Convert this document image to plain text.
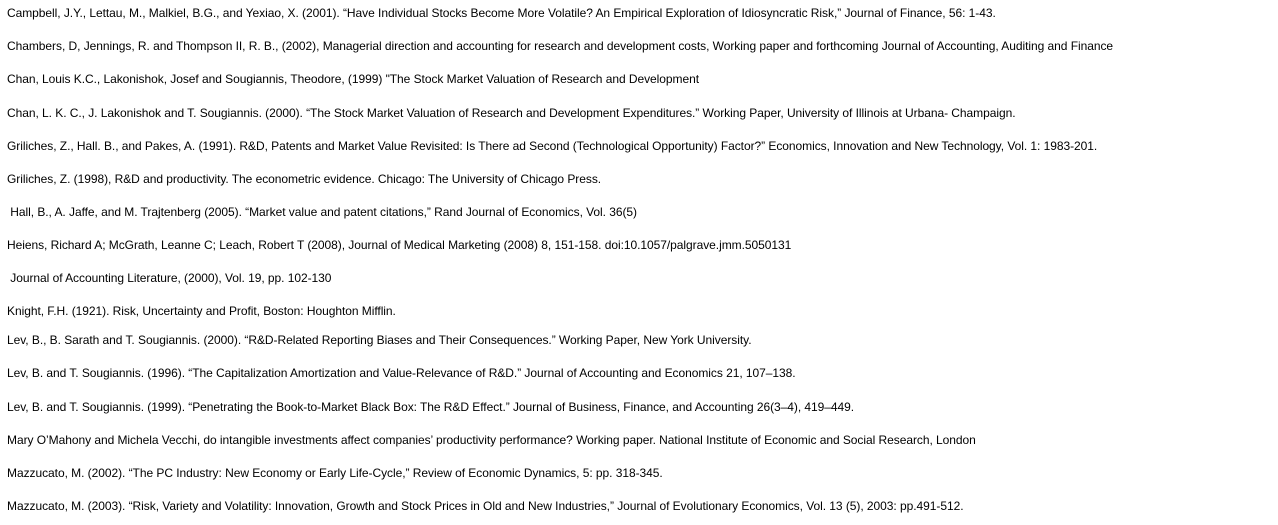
Campbell, J.Y., Lettau, M., Malkiel, B.G., and Yexiao, X. (2001). “Have Individual Stocks Become More Volatile? An Empirical Exploration of Idiosyncratic Risk,” Journal of Finance, 56: 1-43.

Chambers, D, Jennings, R. and Thompson II, R. B., (2002), Managerial direction and accounting for research and development costs, Working paper and forthcoming Journal of Accounting, Auditing and Finance

Chan, Louis K.C., Lakonishok, Josef and Sougiannis, Theodore, (1999) "The Stock Market Valuation of Research and Development

Chan, L. K. C., J. Lakonishok and T. Sougiannis. (2000). “The Stock Market Valuation of Research and Development Expenditures.” Working Paper, University of Illinois at Urbana- Champaign.

Griliches, Z., Hall. B., and Pakes, A. (1991). R&D, Patents and Market Value Revisited: Is There ad Second (Technological Opportunity) Factor?” Economics, Innovation and New Technology, Vol. 1: 1983-201.

Griliches, Z. (1998), R&D and productivity. The econometric evidence. Chicago: The University of Chicago Press.

Hall, B., A. Jaffe, and M. Trajtenberg (2005). “Market value and patent citations,” Rand Journal of Economics, Vol. 36(5)

Heiens, Richard A; McGrath, Leanne C; Leach, Robert T (2008), Journal of Medical Marketing (2008) 8, 151-158. doi:10.1057/palgrave.jmm.5050131

Journal of Accounting Literature, (2000), Vol. 19, pp. 102-130

Knight, F.H. (1921). Risk, Uncertainty and Profit, Boston: Houghton Mifflin.

Lev, B., B. Sarath and T. Sougiannis. (2000). “R&D-Related Reporting Biases and Their Consequences.” Working Paper, New York University.

Lev, B. and T. Sougiannis. (1996). “The Capitalization Amortization and Value-Relevance of R&D.” Journal of Accounting and Economics 21, 107–138.

Lev, B. and T. Sougiannis. (1999). “Penetrating the Book-to-Market Black Box: The R&D Effect.” Journal of Business, Finance, and Accounting 26(3–4), 419–449.

Mary O’Mahony and Michela Vecchi, do intangible investments affect companies’ productivity performance? Working paper. National Institute of Economic and Social Research, London

Mazzucato, M. (2002). “The PC Industry: New Economy or Early Life-Cycle,” Review of Economic Dynamics, 5: pp. 318-345.

Mazzucato, M. (2003). “Risk, Variety and Volatility: Innovation, Growth and Stock Prices in Old and New Industries,” Journal of Evolutionary Economics, Vol. 13 (5), 2003: pp.491-512.
